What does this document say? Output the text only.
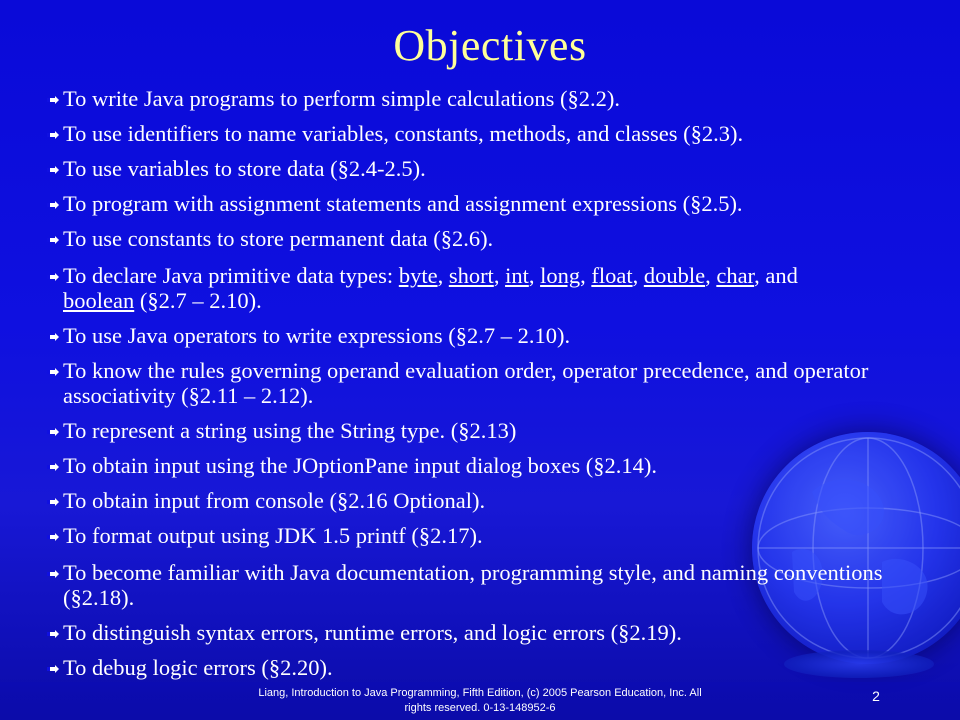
Objectives
To write Java programs to perform simple calculations (§2.2).
To use identifiers to name variables, constants, methods, and classes (§2.3).
To use variables to store data (§2.4-2.5).
To program with assignment statements and assignment expressions (§2.5).
To use constants to store permanent data (§2.6).
To declare Java primitive data types: byte, short, int, long, float, double, char, and
boolean (§2.7 – 2.10).
To use Java operators to write expressions (§2.7 – 2.10).
To know the rules governing operand evaluation order, operator precedence, and operator associativity (§2.11 – 2.12).
To represent a string using the String type. (§2.13)
To obtain input using the JOptionPane input dialog boxes (§2.14).
To obtain input from console (§2.16 Optional).
To format output using JDK 1.5 printf (§2.17).
To become familiar with Java documentation, programming style, and naming conventions (§2.18).
To distinguish syntax errors, runtime errors, and logic errors (§2.19).
To debug logic errors (§2.20).
Liang, Introduction to Java Programming, Fifth Edition, (c) 2005 Pearson Education, Inc. All
rights reserved. 0-13-148952-6
2
